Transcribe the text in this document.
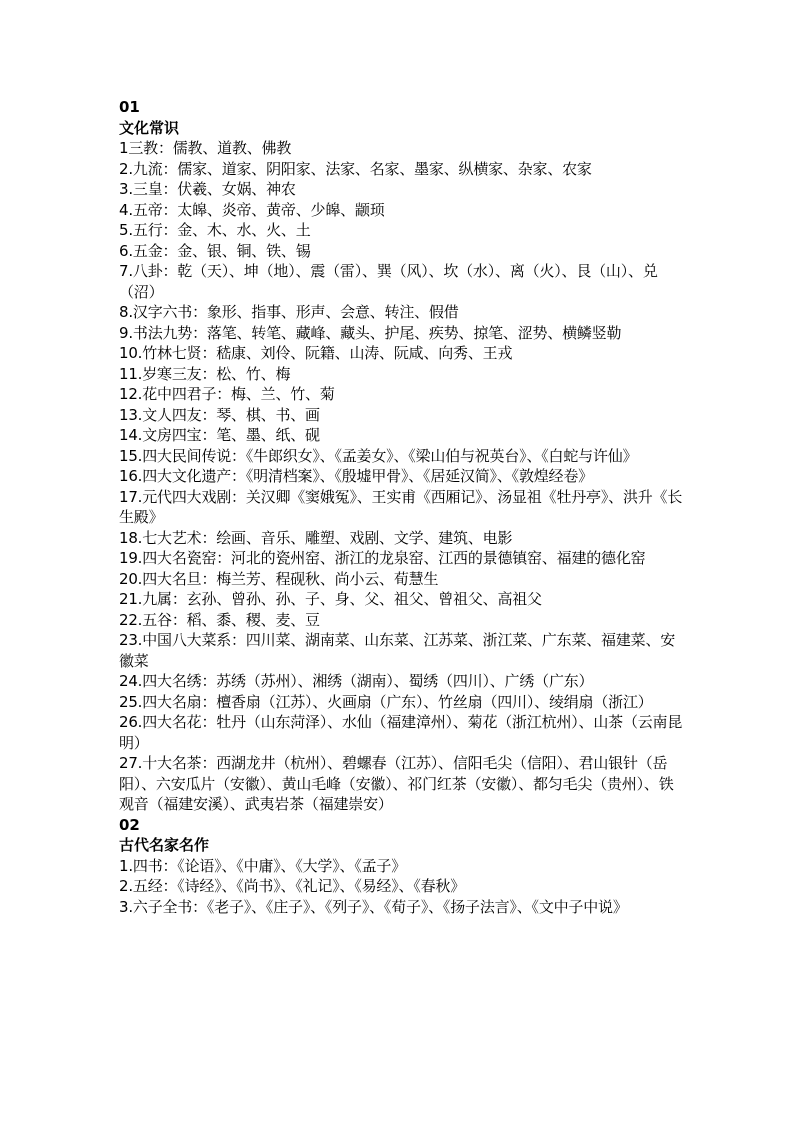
01

文化常识

1三教：儒教、道教、佛教

2.九流：儒家、道家、阴阳家、法家、名家、墨家、纵横家、杂家、农家

3.三皇：伏羲、女娲、神农

4.五帝：太皞、炎帝、黄帝、少皞、颛顼

5.五行：金、木、水、火、土

6.五金：金、银、铜、铁、锡

7.八卦：乾（天）、坤（地）、震（雷）、巽（风）、坎（水）、离（火）、艮（山）、兑（沼）

8.汉字六书：象形、指事、形声、会意、转注、假借

9.书法九势：落笔、转笔、藏峰、藏头、护尾、疾势、掠笔、涩势、横鳞竖勒

10.竹林七贤：嵇康、刘伶、阮籍、山涛、阮咸、向秀、王戎

11.岁寒三友：松、竹、梅

12.花中四君子：梅、兰、竹、菊

13.文人四友：琴、棋、书、画

14.文房四宝：笔、墨、纸、砚

15.四大民间传说：《牛郎织女》、《孟姜女》、《梁山伯与祝英台》、《白蛇与许仙》

16.四大文化遗产：《明清档案》、《殷墟甲骨》、《居延汉简》、《敦煌经卷》

17.元代四大戏剧：关汉卿《窦娥冤》、王实甫《西厢记》、汤显祖《牡丹亭》、洪升《长生殿》

18.七大艺术：绘画、音乐、雕塑、戏剧、文学、建筑、电影

19.四大名瓷窑：河北的瓷州窑、浙江的龙泉窑、江西的景德镇窑、福建的德化窑

20.四大名旦：梅兰芳、程砚秋、尚小云、荀慧生

21.九属：玄孙、曾孙、孙、子、身、父、祖父、曾祖父、高祖父

22.五谷：稻、黍、稷、麦、豆

23.中国八大菜系：四川菜、湖南菜、山东菜、江苏菜、浙江菜、广东菜、福建菜、安徽菜

24.四大名绣：苏绣（苏州）、湘绣（湖南）、蜀绣（四川）、广绣（广东）

25.四大名扇：檀香扇（江苏）、火画扇（广东）、竹丝扇（四川）、绫绢扇（浙江）

26.四大名花：牡丹（山东菏泽）、水仙（福建漳州）、菊花（浙江杭州）、山茶（云南昆明）

27.十大名茶：西湖龙井（杭州）、碧螺春（江苏）、信阳毛尖（信阳）、君山银针（岳阳）、六安瓜片（安徽）、黄山毛峰（安徽）、祁门红茶（安徽）、都匀毛尖（贵州）、铁观音（福建安溪）、武夷岩茶（福建崇安）

02

古代名家名作

1.四书：《论语》、《中庸》、《大学》、《孟子》

2.五经：《诗经》、《尚书》、《礼记》、《易经》、《春秋》

3.六子全书：《老子》、《庄子》、《列子》、《荀子》、《扬子法言》、《文中子中说》
